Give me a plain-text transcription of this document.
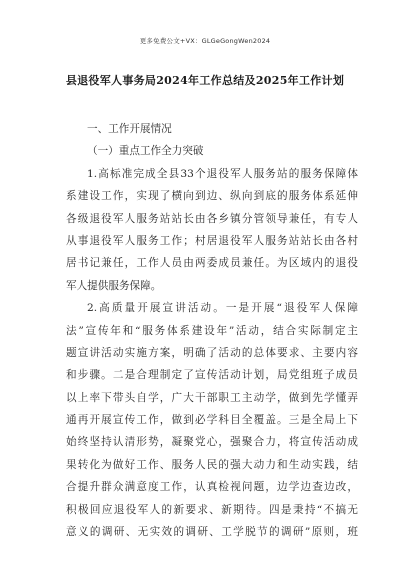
更多免费公文+VX：GLGeGongWen2024
县退役军人事务局2024年工作总结及2025年工作计划
一、工作开展情况
（一）重点工作全力突破
1.高标准完成全县33个退役军人服务站的服务保障体
系建设工作，实现了横向到边、纵向到底的服务体系延伸
各级退役军人服务站站长由各乡镇分管领导兼任，有专人
从事退役军人服务工作；村居退役军人服务站站长由各村
居书记兼任，工作人员由两委成员兼任。为区域内的退役
军人提供服务保障。
2.高质量开展宣讲活动。一是开展“退役军人保障
法”宣传年和“服务体系建设年”活动，结合实际制定主
题宣讲活动实施方案，明确了活动的总体要求、主要内容
和步骤。二是合理制定了宣传活动计划，局党组班子成员
以上率下带头自学，广大干部职工主动学，做到先学懂弄
通再开展宣传工作，做到必学科目全覆盖。三是全局上下
始终坚持认清形势，凝聚党心，强聚合力，将宣传活动成
果转化为做好工作、服务人民的强大动力和生动实践，结
合提升群众满意度工作，认真检视问题，边学边查边改，
积极回应退役军人的新要求、新期待。四是秉持“不搞无
意义的调研、无实效的调研、工学脱节的调研”原则，班
